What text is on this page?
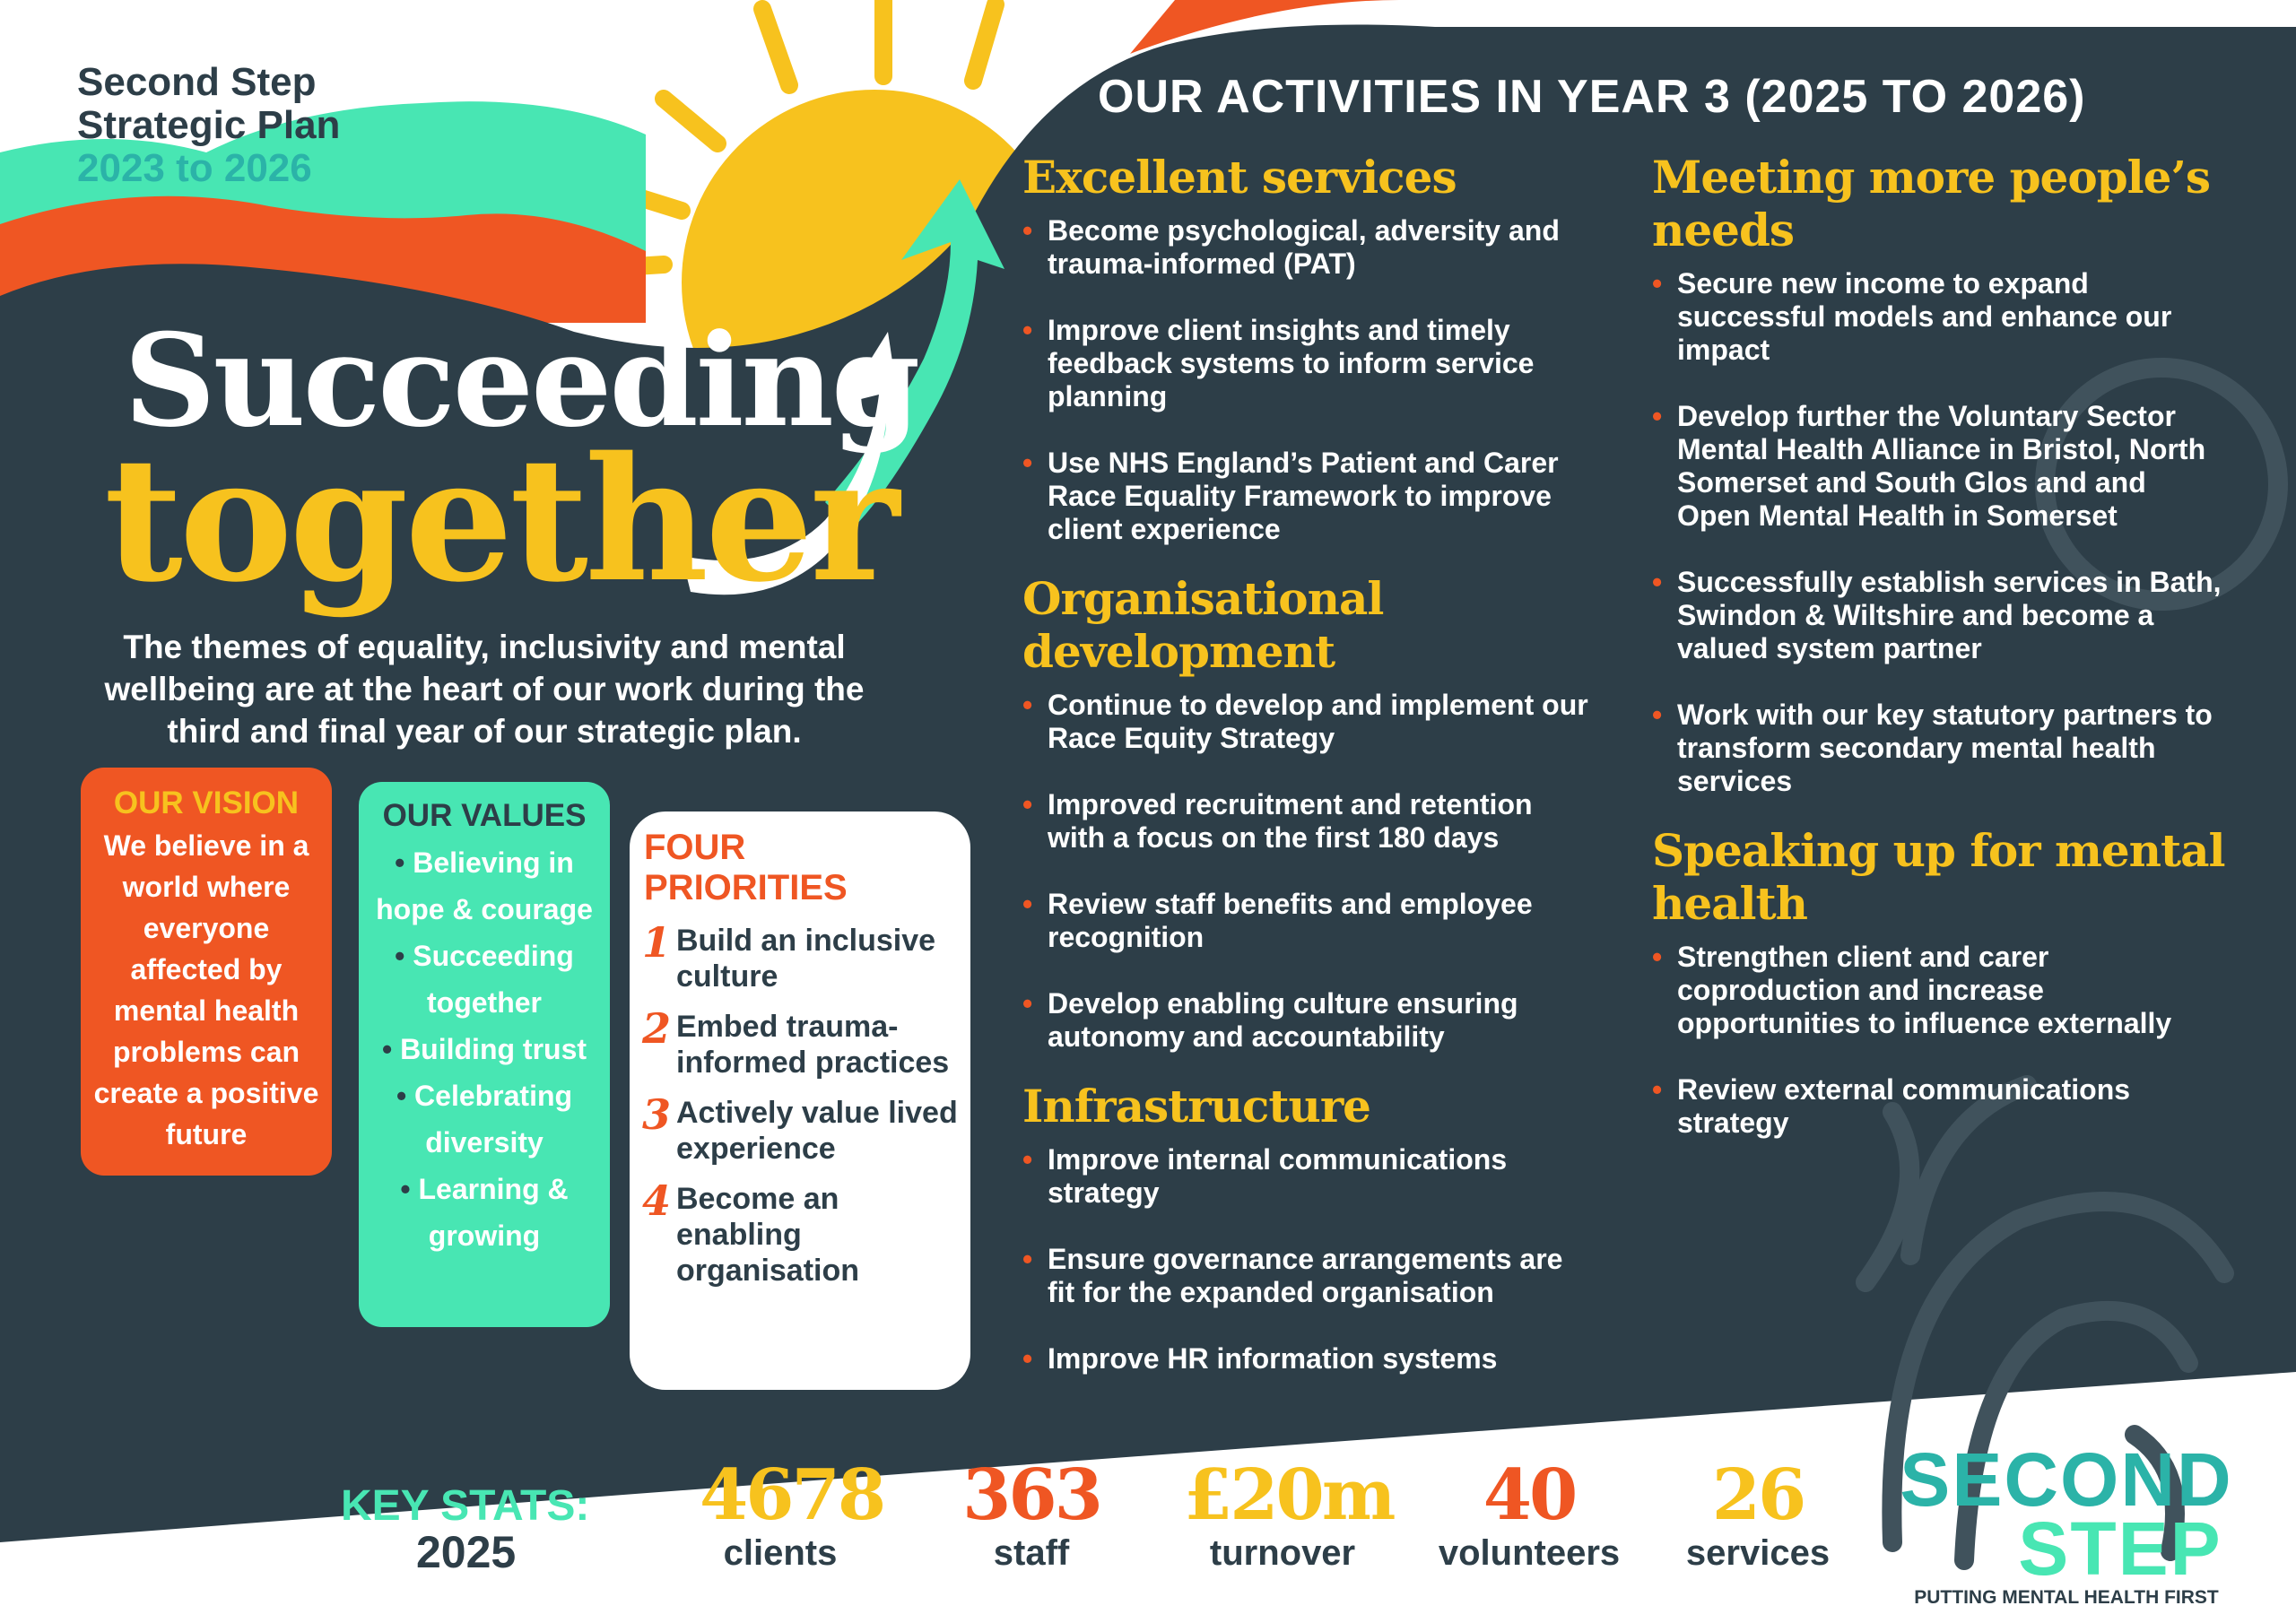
Second Step
Strategic Plan
2023 to 2026
Succeeding
together
The themes of equality, inclusivity and mental wellbeing are at the heart of our work during the third and final year of our strategic plan.
OUR VISION
We believe in a world where everyone affected by mental health problems can create a positive future
OUR VALUES
• Believing in hope & courage
• Succeeding together
• Building trust
• Celebrating diversity
• Learning & growing
FOUR PRIORITIES
1 Build an inclusive culture
2 Embed trauma-informed practices
3 Actively value lived experience
4 Become an enabling organisation
OUR ACTIVITIES IN YEAR 3 (2025 TO 2026)
Excellent services
• Become psychological, adversity and trauma-informed (PAT)
• Improve client insights and timely feedback systems to inform service planning
• Use NHS England’s Patient and Carer Race Equality Framework to improve client experience
Organisational development
• Continue to develop and implement our Race Equity Strategy
• Improved recruitment and retention with a focus on the first 180 days
• Review staff benefits and employee recognition
• Develop enabling culture ensuring autonomy and accountability
Infrastructure
• Improve internal communications strategy
• Ensure governance arrangements are fit for the expanded organisation
• Improve HR information systems
Meeting more people’s needs
• Secure new income to expand successful models and enhance our impact
• Develop further the Voluntary Sector Mental Health Alliance in Bristol, North Somerset and South Glos and and Open Mental Health in Somerset
• Successfully establish services in Bath, Swindon & Wiltshire and become a valued system partner
• Work with our key statutory partners to transform secondary mental health services
Speaking up for mental health
• Strengthen client and carer coproduction and increase opportunities to influence externally
• Review external communications strategy
KEY STATS:
2025
4678
clients
363
staff
£20m
turnover
40
volunteers
26
services
SECOND
STEP
PUTTING MENTAL HEALTH FIRST
